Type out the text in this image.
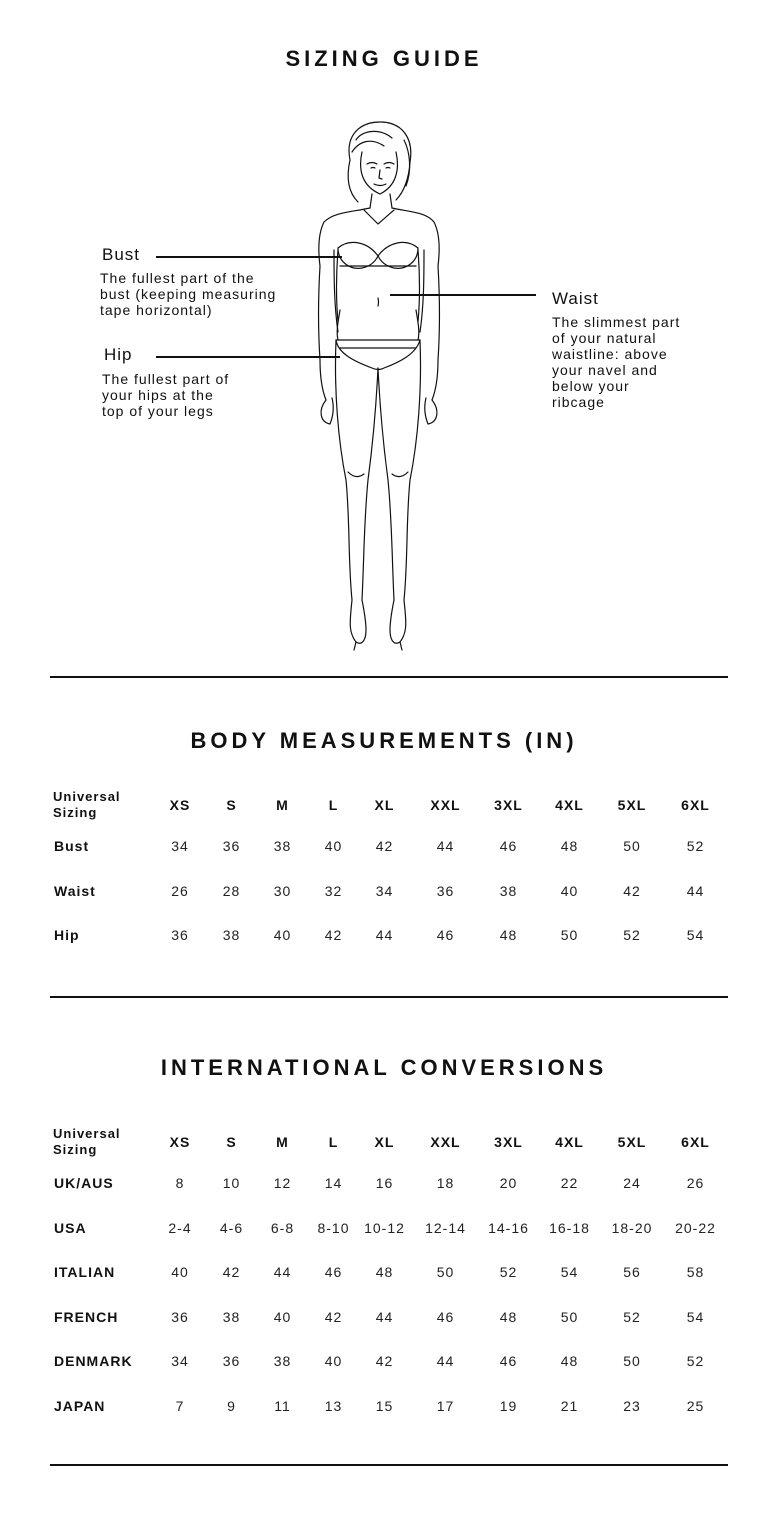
SIZING GUIDE
Bust
The fullest part of the
bust (keeping measuring
tape horizontal)
Hip
The fullest part of
your hips at the
top of your legs
Waist
The slimmest part
of your natural
waistline: above
your navel and
below your
ribcage
BODY MEASUREMENTS (IN)
Universal
Sizing	XS	S	M	L	XL	XXL	3XL	4XL	5XL	6XL
Bust	34	36	38	40	42	44	46	48	50	52
Waist	26	28	30	32	34	36	38	40	42	44
Hip	36	38	40	42	44	46	48	50	52	54
INTERNATIONAL CONVERSIONS
Universal
Sizing	XS	S	M	L	XL	XXL	3XL	4XL	5XL	6XL
UK/AUS	8	10	12	14	16	18	20	22	24	26
USA	2-4	4-6	6-8	8-10	10-12	12-14	14-16	16-18	18-20	20-22
ITALIAN	40	42	44	46	48	50	52	54	56	58
FRENCH	36	38	40	42	44	46	48	50	52	54
DENMARK	34	36	38	40	42	44	46	48	50	52
JAPAN	7	9	11	13	15	17	19	21	23	25
